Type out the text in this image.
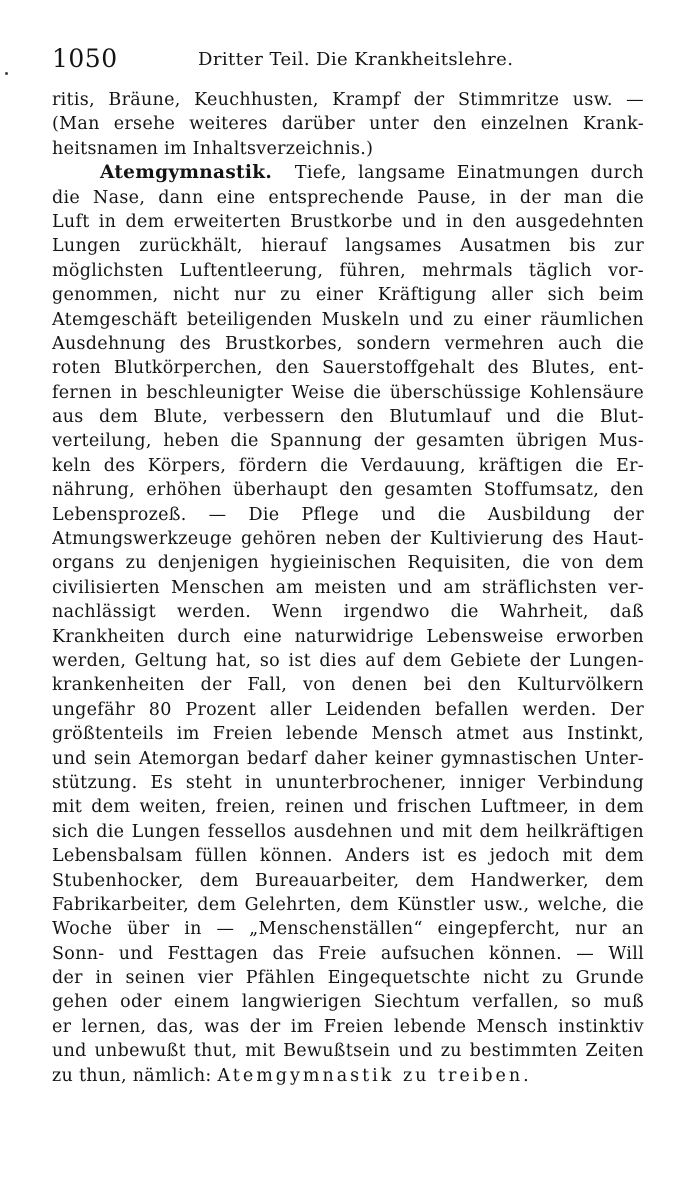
1050	Dritter Teil. Die Krankheitslehre.
ritis, Bräune, Keuchhusten, Krampf der Stimmritze usw. —
(Man ersehe weiteres darüber unter den einzelnen Krank-
heitsnamen im Inhaltsverzeichnis.)
Atemgymnastik. Tiefe, langsame Einatmungen durch
die Nase, dann eine entsprechende Pause, in der man die
Luft in dem erweiterten Brustkorbe und in den ausgedehnten
Lungen zurückhält, hierauf langsames Ausatmen bis zur
möglichsten Luftentleerung, führen, mehrmals täglich vor-
genommen, nicht nur zu einer Kräftigung aller sich beim
Atemgeschäft beteiligenden Muskeln und zu einer räumlichen
Ausdehnung des Brustkorbes, sondern vermehren auch die
roten Blutkörperchen, den Sauerstoffgehalt des Blutes, ent-
fernen in beschleunigter Weise die überschüssige Kohlensäure
aus dem Blute, verbessern den Blutumlauf und die Blut-
verteilung, heben die Spannung der gesamten übrigen Mus-
keln des Körpers, fördern die Verdauung, kräftigen die Er-
nährung, erhöhen überhaupt den gesamten Stoffumsatz, den
Lebensprozeß. — Die Pflege und die Ausbildung der
Atmungswerkzeuge gehören neben der Kultivierung des Haut-
organs zu denjenigen hygieinischen Requisiten, die von dem
civilisierten Menschen am meisten und am sträflichsten ver-
nachlässigt werden. Wenn irgendwo die Wahrheit, daß
Krankheiten durch eine naturwidrige Lebensweise erworben
werden, Geltung hat, so ist dies auf dem Gebiete der Lungen-
krankenheiten der Fall, von denen bei den Kulturvölkern
ungefähr 80 Prozent aller Leidenden befallen werden. Der
größtenteils im Freien lebende Mensch atmet aus Instinkt,
und sein Atemorgan bedarf daher keiner gymnastischen Unter-
stützung. Es steht in ununterbrochener, inniger Verbindung
mit dem weiten, freien, reinen und frischen Luftmeer, in dem
sich die Lungen fessellos ausdehnen und mit dem heilkräftigen
Lebensbalsam füllen können. Anders ist es jedoch mit dem
Stubenhocker, dem Bureauarbeiter, dem Handwerker, dem
Fabrikarbeiter, dem Gelehrten, dem Künstler usw., welche, die
Woche über in — „Menschenställen“ eingepfercht, nur an
Sonn- und Festtagen das Freie aufsuchen können. — Will
der in seinen vier Pfählen Eingequetschte nicht zu Grunde
gehen oder einem langwierigen Siechtum verfallen, so muß
er lernen, das, was der im Freien lebende Mensch instinktiv
und unbewußt thut, mit Bewußtsein und zu bestimmten Zeiten
zu thun, nämlich: Atemgymnastik zu treiben.
